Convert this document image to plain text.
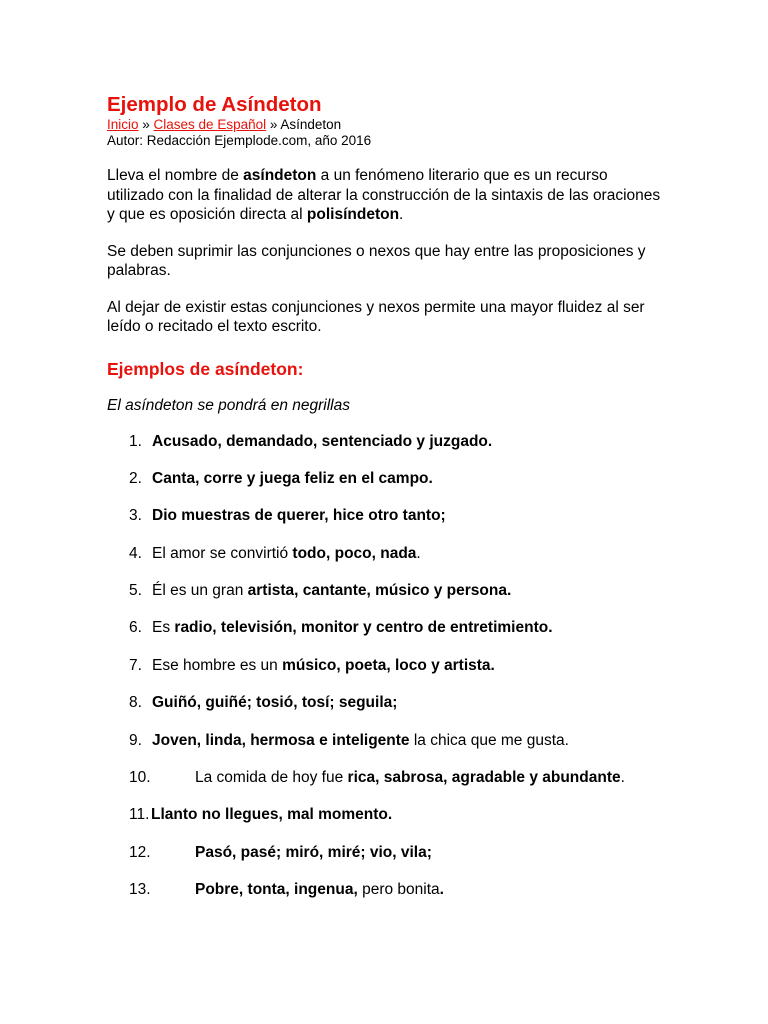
Ejemplo de Asíndeton

Inicio » Clases de Español » Asíndeton

Autor: Redacción Ejemplode.com, año 2016

Lleva el nombre de asíndeton a un fenómeno literario que es un recurso utilizado con la finalidad de alterar la construcción de la sintaxis de las oraciones y que es oposición directa al polisíndeton.

Se deben suprimir las conjunciones o nexos que hay entre las proposiciones y palabras.

Al dejar de existir estas conjunciones y nexos permite una mayor fluidez al ser leído o recitado el texto escrito.

Ejemplos de asíndeton:

El asíndeton se pondrá en negrillas

1. Acusado, demandado, sentenciado y juzgado.
2. Canta, corre y juega feliz en el campo.
3. Dio muestras de querer, hice otro tanto;
4. El amor se convirtió todo, poco, nada.
5. Él es un gran artista, cantante, músico y persona.
6. Es radio, televisión, monitor y centro de entretimiento.
7. Ese hombre es un músico, poeta, loco y artista.
8. Guiñó, guiñé; tosió, tosí; seguila;
9. Joven, linda, hermosa e inteligente la chica que me gusta.
10.	La comida de hoy fue rica, sabrosa, agradable y abundante.
11. Llanto no llegues, mal momento.
12.	Pasó, pasé; miró, miré; vio, vila;
13.	Pobre, tonta, ingenua, pero bonita.
